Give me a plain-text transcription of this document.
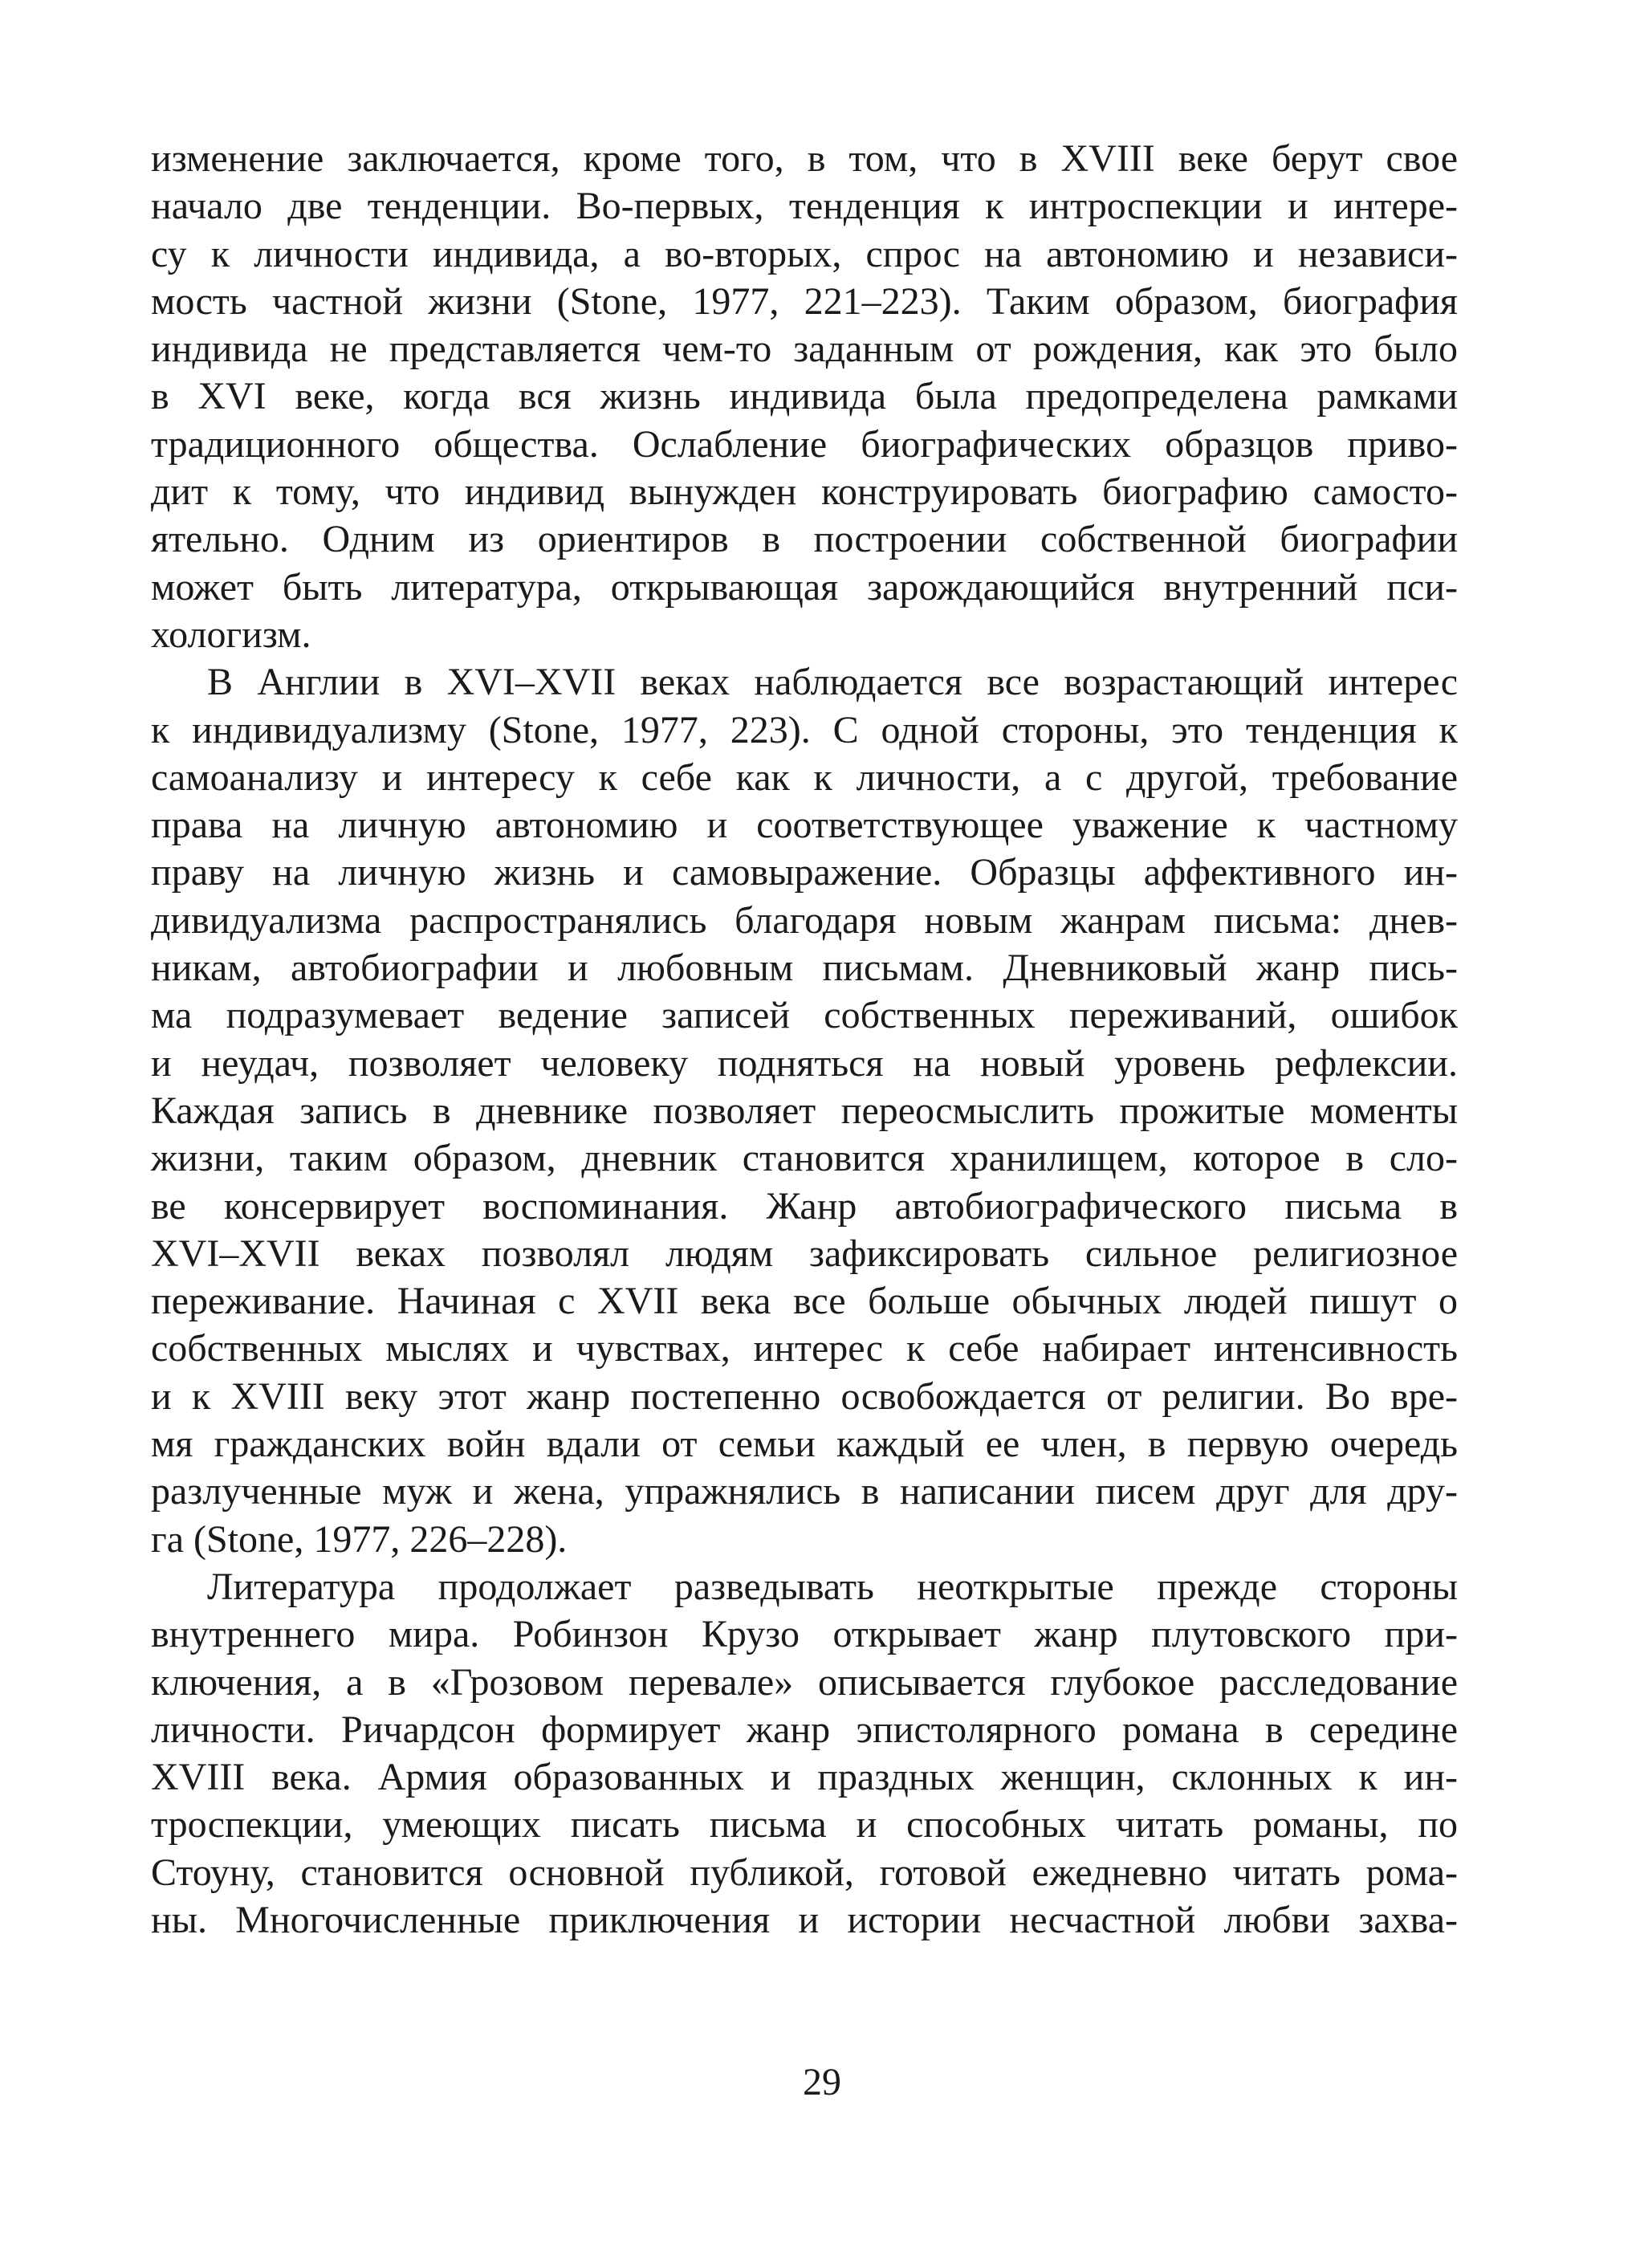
изменение заключается, кроме того, в том, что в XVIII веке берут свое
начало две тенденции. Во-первых, тенденция к интроспекции и интере-
су к личности индивида, а во-вторых, спрос на автономию и независи-
мость частной жизни (Stone, 1977, 221–223). Таким образом, биография
индивида не представляется чем-то заданным от рождения, как это было
в XVI веке, когда вся жизнь индивида была предопределена рамками
традиционного общества. Ослабление биографических образцов приво-
дит к тому, что индивид вынужден конструировать биографию самосто-
ятельно. Одним из ориентиров в построении собственной биографии
может быть литература, открывающая зарождающийся внутренний пси-
хологизм.
В Англии в XVI–XVII веках наблюдается все возрастающий интерес
к индивидуализму (Stone, 1977, 223). С одной стороны, это тенденция к
самоанализу и интересу к себе как к личности, а с другой, требование
права на личную автономию и соответствующее уважение к частному
праву на личную жизнь и самовыражение. Образцы аффективного ин-
дивидуализма распространялись благодаря новым жанрам письма: днев-
никам, автобиографии и любовным письмам. Дневниковый жанр пись-
ма подразумевает ведение записей собственных переживаний, ошибок
и неудач, позволяет человеку подняться на новый уровень рефлексии.
Каждая запись в дневнике позволяет переосмыслить прожитые моменты
жизни, таким образом, дневник становится хранилищем, которое в сло-
ве консервирует воспоминания. Жанр автобиографического письма в
XVI–XVII веках позволял людям зафиксировать сильное религиозное
переживание. Начиная с XVII века все больше обычных людей пишут о
собственных мыслях и чувствах, интерес к себе набирает интенсивность
и к XVIII веку этот жанр постепенно освобождается от религии. Во вре-
мя гражданских войн вдали от семьи каждый ее член, в первую очередь
разлученные муж и жена, упражнялись в написании писем друг для дру-
га (Stone, 1977, 226–228).
Литература продолжает разведывать неоткрытые прежде стороны
внутреннего мира. Робинзон Крузо открывает жанр плутовского при-
ключения, а в «Грозовом перевале» описывается глубокое расследование
личности. Ричардсон формирует жанр эпистолярного романа в середине
XVIII века. Армия образованных и праздных женщин, склонных к ин-
троспекции, умеющих писать письма и способных читать романы, по
Стоуну, становится основной публикой, готовой ежедневно читать рома-
ны. Многочисленные приключения и истории несчастной любви захва-
29
